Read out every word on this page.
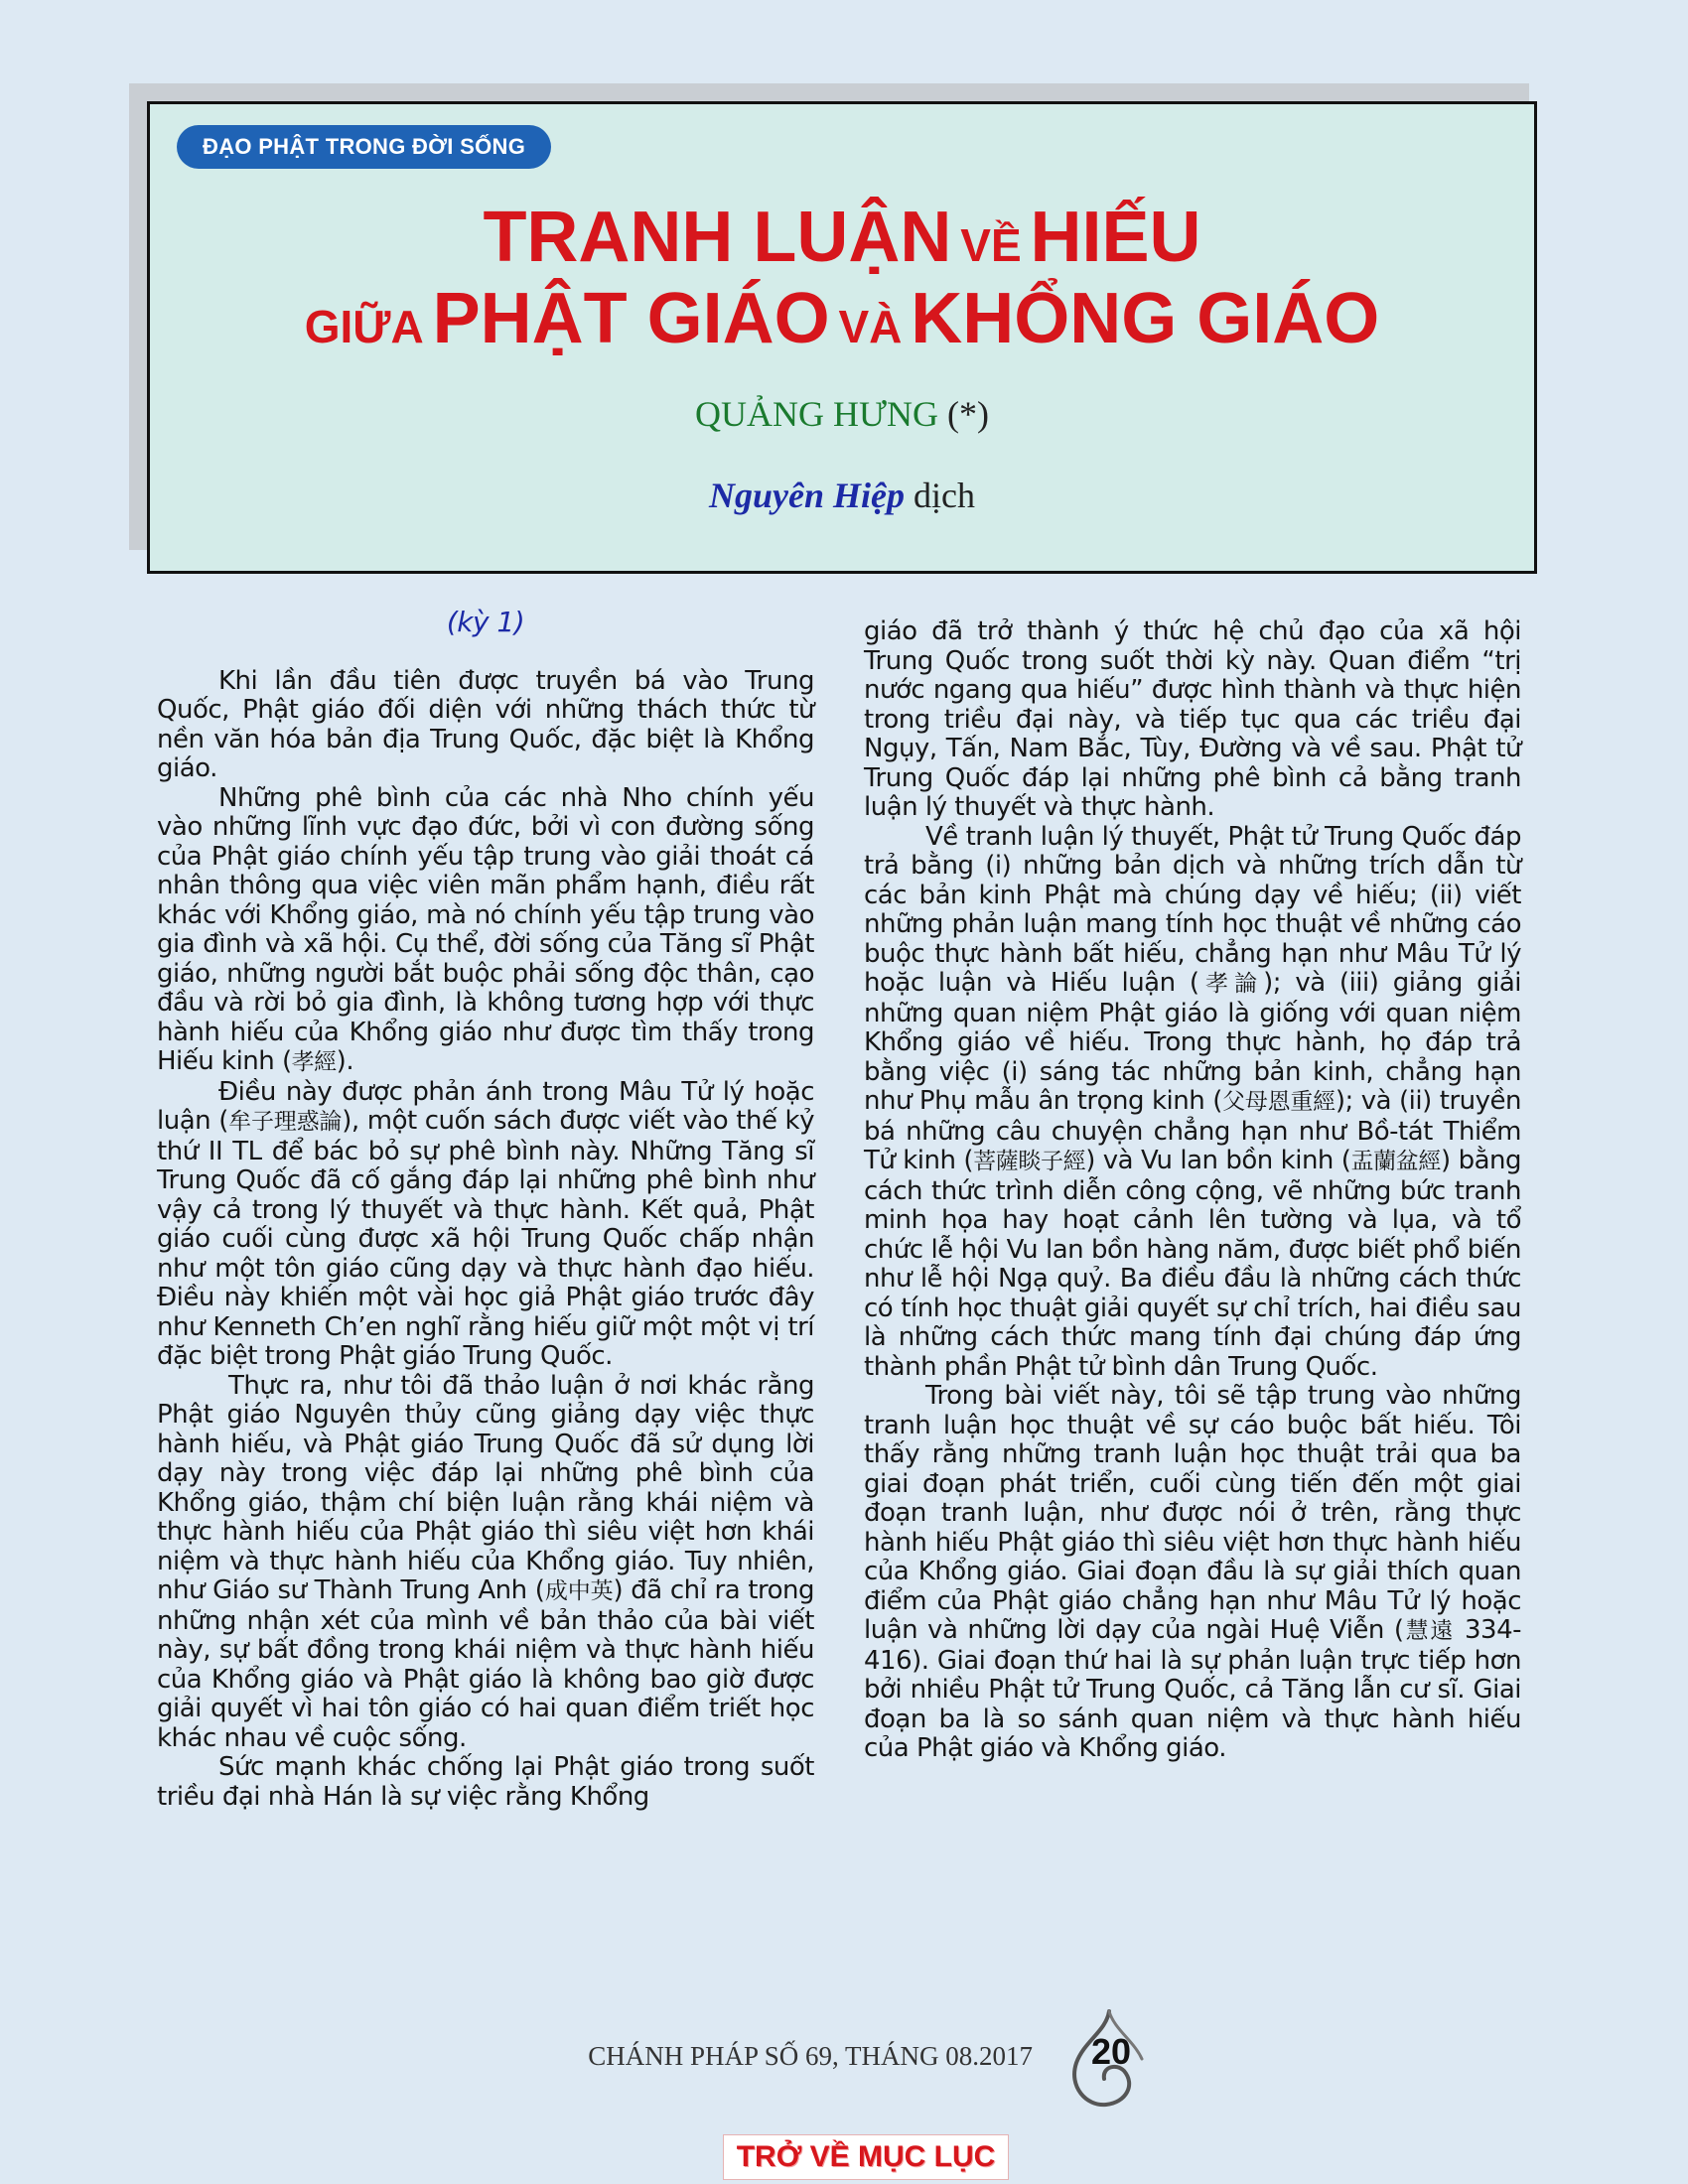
ĐẠO PHẬT TRONG ĐỜI SỐNG
TRANH LUẬN VỀ HIẾU
GIỮA PHẬT GIÁO VÀ KHỔNG GIÁO
QUẢNG HƯNG (*)
Nguyên Hiệp dịch
(kỳ 1)

Khi lần đầu tiên được truyền bá vào Trung Quốc, Phật giáo đối diện với những thách thức từ nền văn hóa bản địa Trung Quốc, đặc biệt là Khổng giáo.

Những phê bình của các nhà Nho chính yếu vào những lĩnh vực đạo đức, bởi vì con đường sống của Phật giáo chính yếu tập trung vào giải thoát cá nhân thông qua việc viên mãn phẩm hạnh, điều rất khác với Khổng giáo, mà nó chính yếu tập trung vào gia đình và xã hội. Cụ thể, đời sống của Tăng sĩ Phật giáo, những người bắt buộc phải sống độc thân, cạo đầu và rời bỏ gia đình, là không tương hợp với thực hành hiếu của Khổng giáo như được tìm thấy trong Hiếu kinh (孝經).

Điều này được phản ánh trong Mâu Tử lý hoặc luận (牟子理惑論), một cuốn sách được viết vào thế kỷ thứ II TL để bác bỏ sự phê bình này. Những Tăng sĩ Trung Quốc đã cố gắng đáp lại những phê bình như vậy cả trong lý thuyết và thực hành. Kết quả, Phật giáo cuối cùng được xã hội Trung Quốc chấp nhận như một tôn giáo cũng dạy và thực hành đạo hiếu. Điều này khiến một vài học giả Phật giáo trước đây như Kenneth Ch’en nghĩ rằng hiếu giữ một một vị trí đặc biệt trong Phật giáo Trung Quốc.

Thực ra, như tôi đã thảo luận ở nơi khác rằng Phật giáo Nguyên thủy cũng giảng dạy việc thực hành hiếu, và Phật giáo Trung Quốc đã sử dụng lời dạy này trong việc đáp lại những phê bình của Khổng giáo, thậm chí biện luận rằng khái niệm và thực hành hiếu của Phật giáo thì siêu việt hơn khái niệm và thực hành hiếu của Khổng giáo. Tuy nhiên, như Giáo sư Thành Trung Anh (成中英) đã chỉ ra trong những nhận xét của mình về bản thảo của bài viết này, sự bất đồng trong khái niệm và thực hành hiếu của Khổng giáo và Phật giáo là không bao giờ được giải quyết vì hai tôn giáo có hai quan điểm triết học khác nhau về cuộc sống.

Sức mạnh khác chống lại Phật giáo trong suốt triều đại nhà Hán là sự việc rằng Khổng

giáo đã trở thành ý thức hệ chủ đạo của xã hội Trung Quốc trong suốt thời kỳ này. Quan điểm “trị nước ngang qua hiếu” được hình thành và thực hiện trong triều đại này, và tiếp tục qua các triều đại Ngụy, Tấn, Nam Bắc, Tùy, Đường và về sau. Phật tử Trung Quốc đáp lại những phê bình cả bằng tranh luận lý thuyết và thực hành.

Về tranh luận lý thuyết, Phật tử Trung Quốc đáp trả bằng (i) những bản dịch và những trích dẫn từ các bản kinh Phật mà chúng dạy về hiếu; (ii) viết những phản luận mang tính học thuật về những cáo buộc thực hành bất hiếu, chẳng hạn như Mâu Tử lý hoặc luận và Hiếu luận (孝論); và (iii) giảng giải những quan niệm Phật giáo là giống với quan niệm Khổng giáo về hiếu. Trong thực hành, họ đáp trả bằng việc (i) sáng tác những bản kinh, chẳng hạn như Phụ mẫu ân trọng kinh (父母恩重經); và (ii) truyền bá những câu chuyện chẳng hạn như Bồ-tát Thiểm Tử kinh (菩薩睒子經) và Vu lan bồn kinh (盂蘭盆經) bằng cách thức trình diễn công cộng, vẽ những bức tranh minh họa hay hoạt cảnh lên tường và lụa, và tổ chức lễ hội Vu lan bồn hàng năm, được biết phổ biến như lễ hội Ngạ quỷ. Ba điều đầu là những cách thức có tính học thuật giải quyết sự chỉ trích, hai điều sau là những cách thức mang tính đại chúng đáp ứng thành phần Phật tử bình dân Trung Quốc.

Trong bài viết này, tôi sẽ tập trung vào những tranh luận học thuật về sự cáo buộc bất hiếu. Tôi thấy rằng những tranh luận học thuật trải qua ba giai đoạn phát triển, cuối cùng tiến đến một giai đoạn tranh luận, như được nói ở trên, rằng thực hành hiếu Phật giáo thì siêu việt hơn thực hành hiếu của Khổng giáo. Giai đoạn đầu là sự giải thích quan điểm của Phật giáo chẳng hạn như Mâu Tử lý hoặc luận và những lời dạy của ngài Huệ Viễn (慧遠 334-416). Giai đoạn thứ hai là sự phản luận trực tiếp hơn bởi nhiều Phật tử Trung Quốc, cả Tăng lẫn cư sĩ. Giai đoạn ba là so sánh quan niệm và thực hành hiếu của Phật giáo và Khổng giáo.

CHÁNH PHÁP SỐ 69, THÁNG 08.2017	20
TRỞ VỀ MỤC LỤC
